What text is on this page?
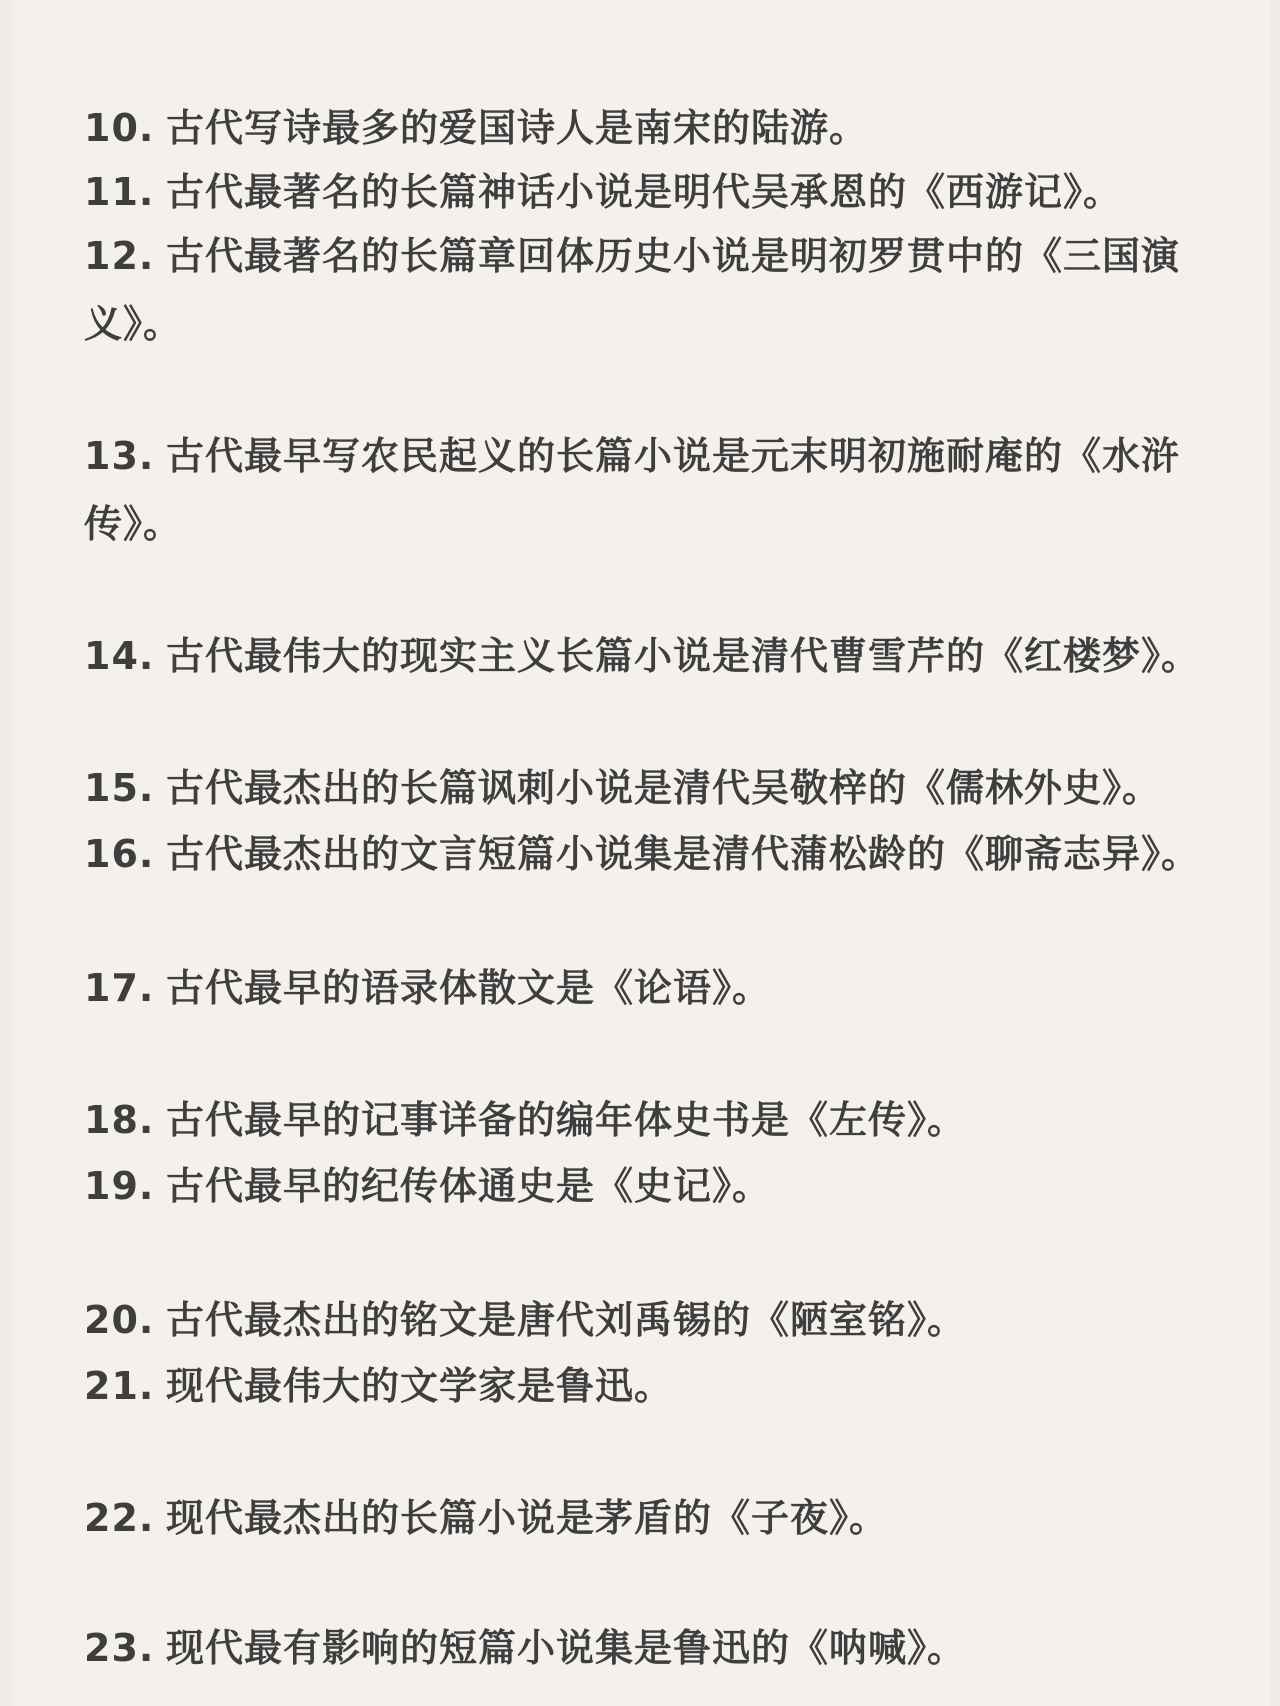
10. 古代写诗最多的爱国诗人是南宋的陆游。
11. 古代最著名的长篇神话小说是明代吴承恩的《西游记》。
12. 古代最著名的长篇章回体历史小说是明初罗贯中的《三国演
义》。
13. 古代最早写农民起义的长篇小说是元末明初施耐庵的《水浒
传》。
14. 古代最伟大的现实主义长篇小说是清代曹雪芹的《红楼梦》。
15. 古代最杰出的长篇讽刺小说是清代吴敬梓的《儒林外史》。
16. 古代最杰出的文言短篇小说集是清代蒲松龄的《聊斋志异》。
17. 古代最早的语录体散文是《论语》。
18. 古代最早的记事详备的编年体史书是《左传》。
19. 古代最早的纪传体通史是《史记》。
20. 古代最杰出的铭文是唐代刘禹锡的《陋室铭》。
21. 现代最伟大的文学家是鲁迅。
22. 现代最杰出的长篇小说是茅盾的《子夜》。
23. 现代最有影响的短篇小说集是鲁迅的《呐喊》。
